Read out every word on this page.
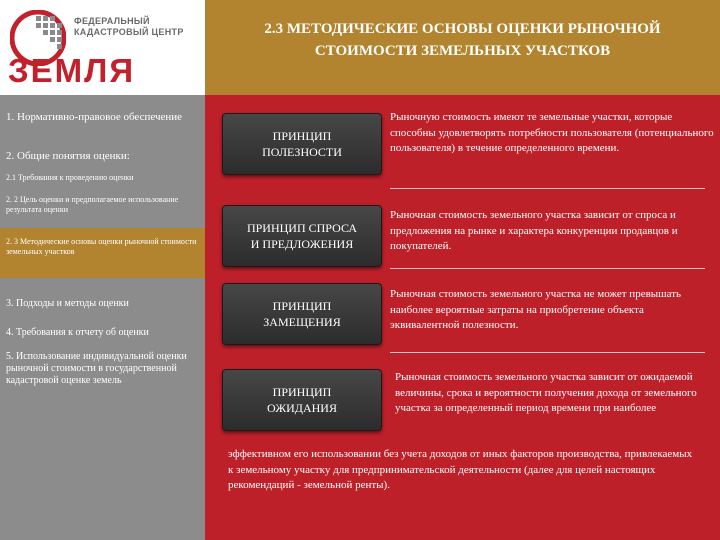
ФЕДЕРАЛЬНЫЙ
КАДАСТРОВЫЙ ЦЕНТР
ЗЕМЛЯ
2.3 МЕТОДИЧЕСКИЕ ОСНОВЫ ОЦЕНКИ РЫНОЧНОЙ
СТОИМОСТИ ЗЕМЕЛЬНЫХ УЧАСТКОВ
1. Нормативно-правовое обеспечение
2. Общие понятия оценки:
2.1 Требования к проведению оценки
2. 2 Цель оценки и предполагаемое использование результата оценки
2. 3 Методические основы оценки рыночной стоимости земельных участков
3. Подходы и методы оценки
4. Требования к отчету об оценки
5. Использование индивидуальной оценки рыночной стоимости в государственной кадастровой оценке земель
ПРИНЦИП
ПОЛЕЗНОСТИ
ПРИНЦИП СПРОСА
И ПРЕДЛОЖЕНИЯ
ПРИНЦИП
ЗАМЕЩЕНИЯ
ПРИНЦИП
ОЖИДАНИЯ
Рыночную стоимость имеют те земельные участки, которые способны удовлетворять потребности пользователя (потенциального пользователя) в течение определенного времени.
Рыночная стоимость земельного участка зависит от спроса и предложения на рынке и характера конкуренции продавцов и покупателей.
Рыночная стоимость земельного участка не может превышать наиболее вероятные затраты на приобретение объекта эквивалентной полезности.
Рыночная стоимость земельного участка зависит от ожидаемой величины, срока и вероятности получения дохода от земельного участка за определенный период времени при наиболее
эффективном его использовании без учета доходов от иных факторов производства, привлекаемых к земельному участку для предпринимательской деятельности (далее для целей настоящих рекомендаций - земельной ренты).
